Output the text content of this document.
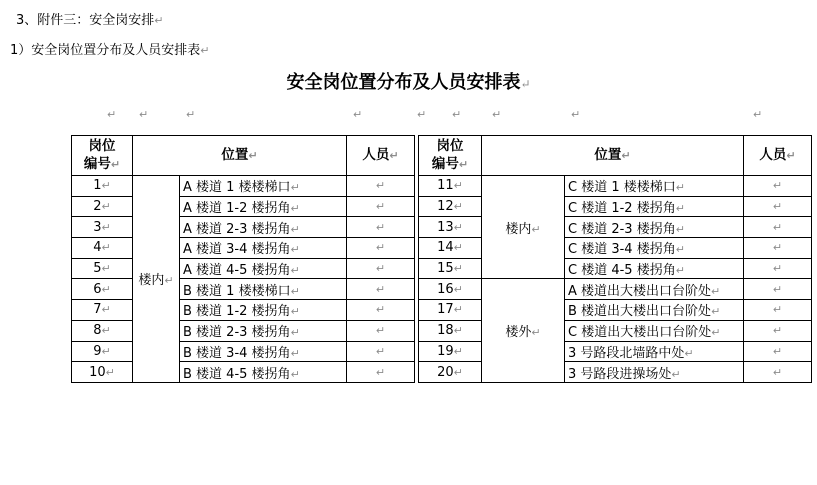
3、附件三：安全岗安排↵
1）安全岗位置分布及人员安排表↵
安全岗位置分布及人员安排表↵
↵ ↵	↵	↵	↵ ↵	↵	↵	↵
岗位
编号↵	位置↵		人员↵		岗位
编号↵	位置↵		人员↵
1↵	楼内↵	A 楼道 1 楼楼梯口↵	↵		11↵	楼内↵	C 楼道 1 楼楼梯口↵	↵
2↵		A 楼道 1-2 楼拐角↵	↵		12↵		C 楼道 1-2 楼拐角↵	↵
3↵		A 楼道 2-3 楼拐角↵	↵		13↵		C 楼道 2-3 楼拐角↵	↵
4↵		A 楼道 3-4 楼拐角↵	↵		14↵		C 楼道 3-4 楼拐角↵	↵
5↵		A 楼道 4-5 楼拐角↵	↵		15↵		C 楼道 4-5 楼拐角↵	↵
6↵		B 楼道 1 楼楼梯口↵	↵		16↵	楼外↵	A 楼道出大楼出口台阶处↵	↵
7↵		B 楼道 1-2 楼拐角↵	↵		17↵		B 楼道出大楼出口台阶处↵	↵
8↵		B 楼道 2-3 楼拐角↵	↵		18↵		C 楼道出大楼出口台阶处↵	↵
9↵		B 楼道 3-4 楼拐角↵	↵		19↵		3 号路段北墙路中处↵	↵
10↵		B 楼道 4-5 楼拐角↵	↵		20↵		3 号路段进操场处↵	↵
